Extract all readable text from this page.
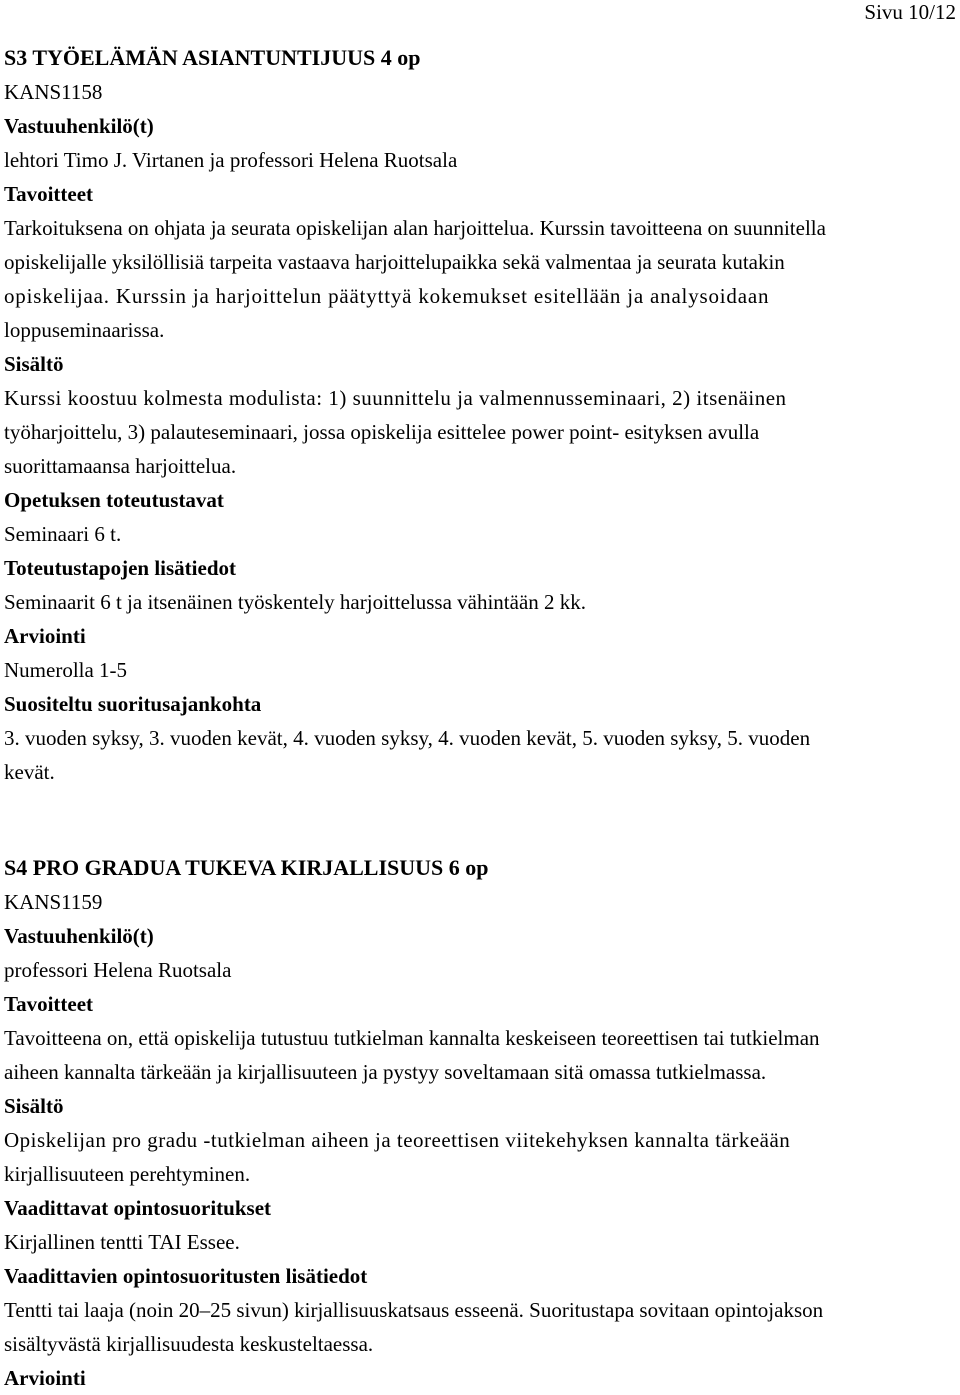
Sivu 10/12
S3 TYÖELÄMÄN ASIANTUNTIJUUS 4 op
KANS1158
Vastuuhenkilö(t)
lehtori Timo J. Virtanen ja professori Helena Ruotsala
Tavoitteet
Tarkoituksena on ohjata ja seurata opiskelijan alan harjoittelua. Kurssin tavoitteena on suunnitella
opiskelijalle yksilöllisiä tarpeita vastaava harjoittelupaikka sekä valmentaa ja seurata kutakin
opiskelijaa. Kurssin ja harjoittelun päätyttyä kokemukset esitellään ja analysoidaan
loppuseminaarissa.
Sisältö
Kurssi koostuu kolmesta modulista: 1) suunnittelu ja valmennusseminaari, 2) itsenäinen
työharjoittelu, 3) palauteseminaari, jossa opiskelija esittelee power point- esityksen avulla
suorittamaansa harjoittelua.
Opetuksen toteutustavat
Seminaari 6 t.
Toteutustapojen lisätiedot
Seminaarit 6 t ja itsenäinen työskentely harjoittelussa vähintään 2 kk.
Arviointi
Numerolla 1-5
Suositeltu suoritusajankohta
3. vuoden syksy, 3. vuoden kevät, 4. vuoden syksy, 4. vuoden kevät, 5. vuoden syksy, 5. vuoden
kevät.
S4 PRO GRADUA TUKEVA KIRJALLISUUS 6 op
KANS1159
Vastuuhenkilö(t)
professori Helena Ruotsala
Tavoitteet
Tavoitteena on, että opiskelija tutustuu tutkielman kannalta keskeiseen teoreettisen tai tutkielman
aiheen kannalta tärkeään ja kirjallisuuteen ja pystyy soveltamaan sitä omassa tutkielmassa.
Sisältö
Opiskelijan pro gradu -tutkielman aiheen ja teoreettisen viitekehyksen kannalta tärkeään
kirjallisuuteen perehtyminen.
Vaadittavat opintosuoritukset
Kirjallinen tentti TAI Essee.
Vaadittavien opintosuoritusten lisätiedot
Tentti tai laaja (noin 20–25 sivun) kirjallisuuskatsaus esseenä. Suoritustapa sovitaan opintojakson
sisältyvästä kirjallisuudesta keskusteltaessa.
Arviointi
